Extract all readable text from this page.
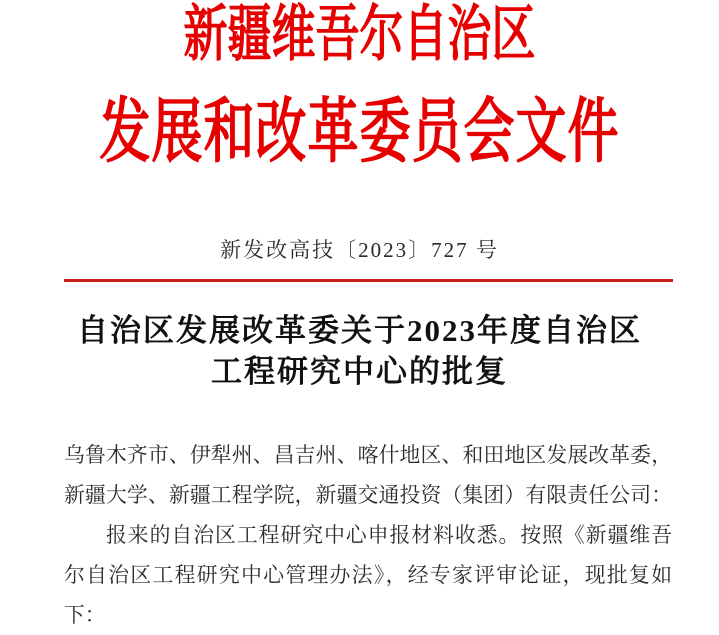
新疆维吾尔自治区
发展和改革委员会文件
新发改高技〔2023〕727 号
自治区发展改革委关于2023年度自治区
工程研究中心的批复
乌鲁木齐市、伊犁州、昌吉州、喀什地区、和田地区发展改革委，
新疆大学、新疆工程学院，新疆交通投资（集团）有限责任公司：
报来的自治区工程研究中心申报材料收悉。按照《新疆维吾
尔自治区工程研究中心管理办法》，经专家评审论证，现批复如
下：
